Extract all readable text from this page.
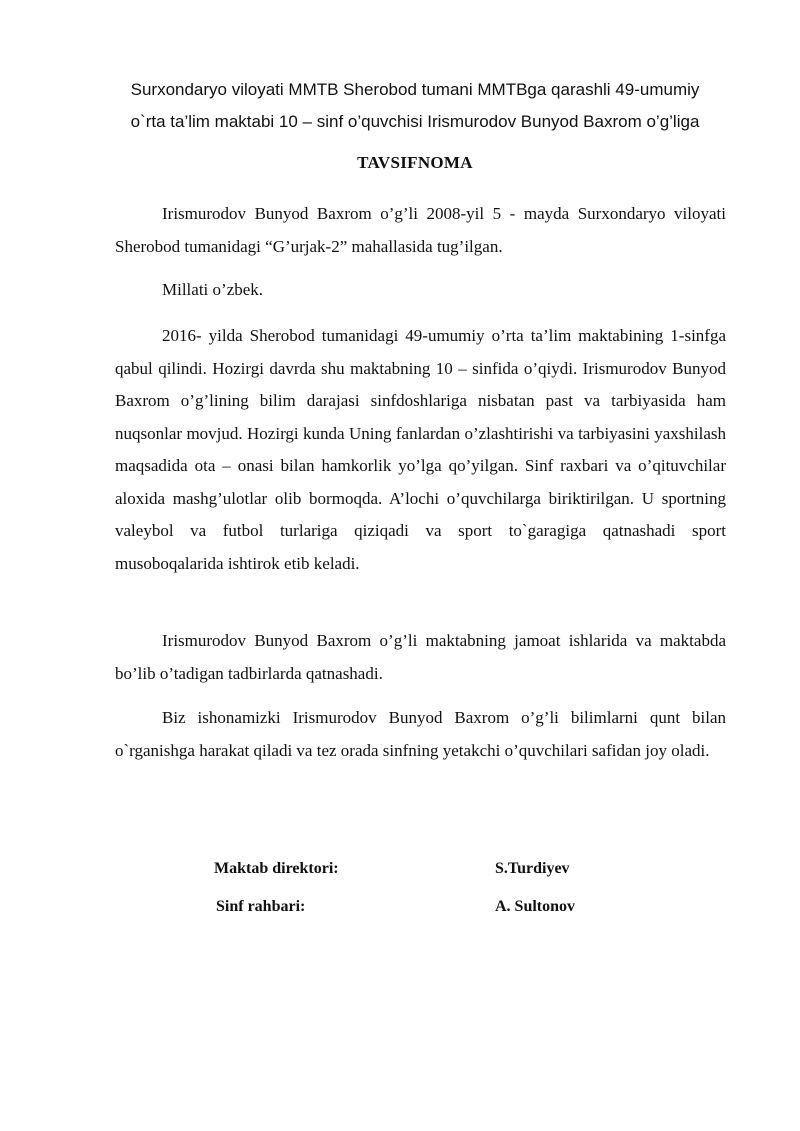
Surxondaryo viloyati MMTB Sherobod tumani MMTBga qarashli 49-umumiy
o`rta ta’lim maktabi 10 – sinf o’quvchisi Irismurodov Bunyod Baxrom o’g’liga
TAVSIFNOMA

Irismurodov Bunyod Baxrom o’g’li 2008-yil 5 - mayda Surxondaryo viloyati Sherobod tumanidagi “G’urjak-2” mahallasida tug’ilgan.

Millati o’zbek.

2016- yilda Sherobod tumanidagi 49-umumiy o’rta ta’lim maktabining 1-sinfga qabul qilindi. Hozirgi davrda shu maktabning 10 – sinfida o’qiydi. Irismurodov Bunyod Baxrom o’g’lining bilim darajasi sinfdoshlariga nisbatan past va tarbiyasida ham nuqsonlar movjud. Hozirgi kunda Uning fanlardan o’zlashtirishi va tarbiyasini yaxshilash maqsadida ota – onasi bilan hamkorlik yo’lga qo’yilgan. Sinf raxbari va o’qituvchilar aloxida mashg’ulotlar olib bormoqda. A’lochi o’quvchilarga biriktirilgan. U sportning valeybol va futbol turlariga qiziqadi va sport to`garagiga qatnashadi sport musoboqalarida ishtirok etib keladi.

Irismurodov Bunyod Baxrom o’g’li maktabning jamoat ishlarida va maktabda bo’lib o’tadigan tadbirlarda qatnashadi.

Biz ishonamizki Irismurodov Bunyod Baxrom o’g’li bilimlarni qunt bilan o`rganishga harakat qiladi va tez orada sinfning yetakchi o’quvchilari safidan joy oladi.

Maktab direktori:	S.Turdiyev
Sinf rahbari:	A. Sultonov
